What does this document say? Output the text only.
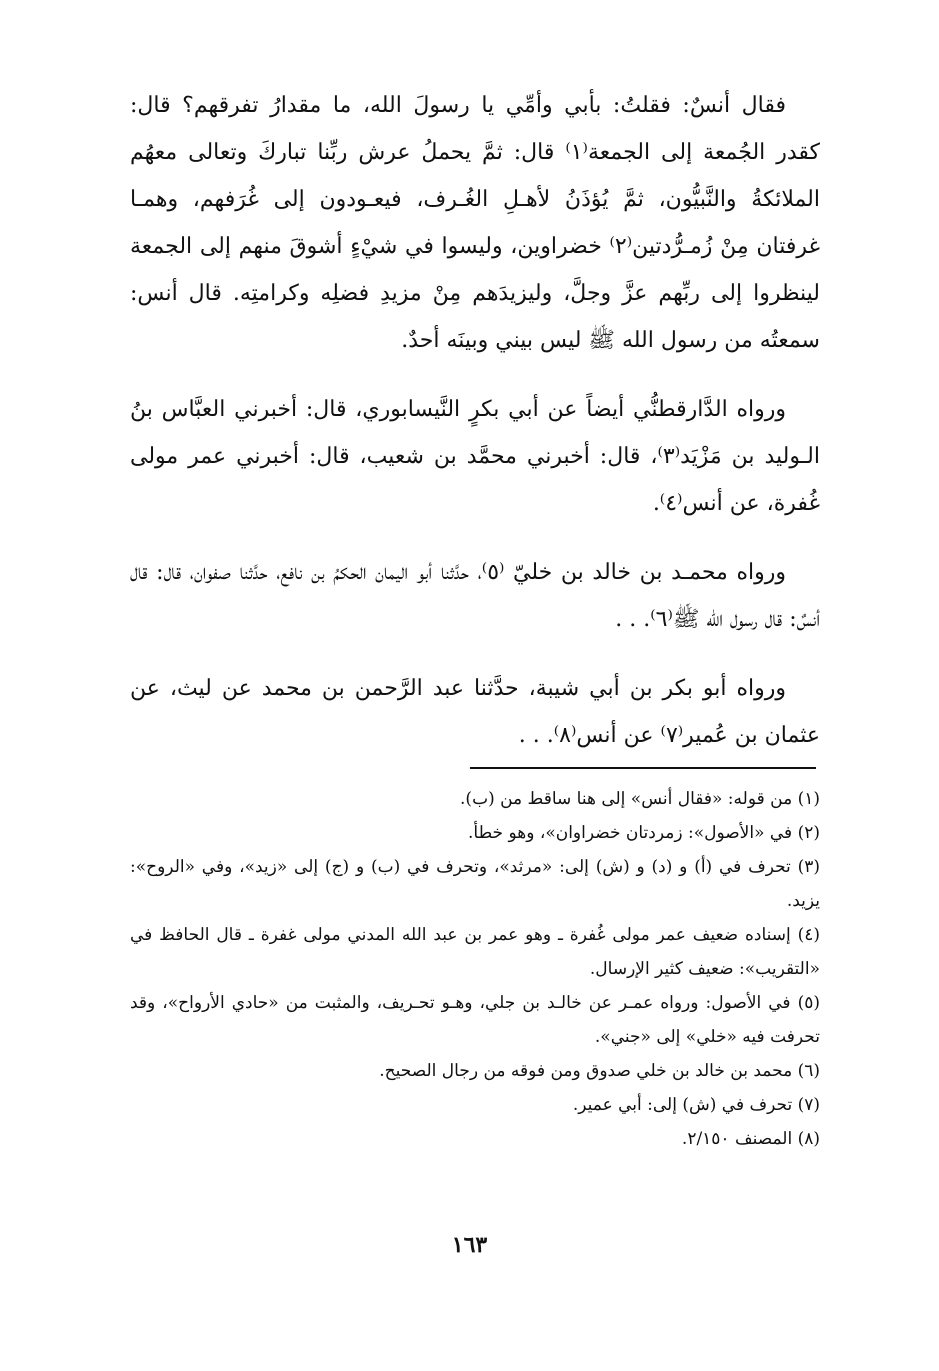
فقال أنسٌ: فقلتُ: بأبي وأمِّي يا رسولَ الله، ما مقدارُ تفرقهم؟ قال: كقدر الجُمعة إلى الجمعة⁽١⁾ قال: ثمَّ يحملُ عرش ربِّنا تباركَ وتعالى معهُم الملائكةُ والنَّبيُّون، ثمَّ يُؤذَنُ لأهـلِ الغُـرف، فيعـودون إلى غُرَفهم، وهمـا غرفتان مِنْ زُمـرُّدتين⁽٢⁾ خضراوين، وليسوا في شيْءٍ أشوقَ منهم إلى الجمعة لينظروا إلى ربِّهم عزَّ وجلَّ، وليزيدَهم مِنْ مزيدِ فضلِه وكرامتِه. قال أنس: سمعتُه من رسول الله ﷺ ليس بيني وبينَه أحدٌ.

ورواه الدَّارقطنُّي أيضاً عن أبي بكرٍ النَّيسابوري، قال: أخبرني العبَّاس بنُ الـوليد بن مَزْيَد⁽٣⁾، قال: أخبرني محمَّد بن شعيب، قال: أخبرني عمر مولى غُفرة، عن أنس⁽٤⁾.

ورواه محمـد بن خالد بن خليّ ⁽٥⁾، حدَّثنا أبو اليمان الحكمُ بن نافع، حدَّثنا صفوان، قال: قال أنسٌ: قال رسول الله ﷺ⁽٦⁾. . .

ورواه أبو بكر بن أبي شيبة، حدَّثنا عبد الرَّحمن بن محمد عن ليث، عن عثمان بن عُمير⁽٧⁾ عن أنس⁽٨⁾. . .

(١) من قوله: «فقال أنس» إلى هنا ساقط من (ب).

(٢) في «الأصول»: زمردتان خضراوان»، وهو خطأ.

(٣) تحرف في (أ) و (د) و (ش) إلى: «مرثد»، وتحرف في (ب) و (ج) إلى «زيد»، وفي «الروح»: يزيد.

(٤) إسناده ضعيف عمر مولى غُفرة ـ وهو عمر بن عبد الله المدني مولى غفرة ـ قال الحافظ في «التقريب»: ضعيف كثير الإرسال.

(٥) في الأصول: ورواه عمـر عن خالـد بن جلي، وهـو تحـريف، والمثبت من «حادي الأرواح»، وقد تحرفت فيه «خلي» إلى «جني».

(٦) محمد بن خالد بن خلي صدوق ومن فوقه من رجال الصحيح.

(٧) تحرف في (ش) إلى: أبي عمير.

(٨) المصنف ٢/١٥٠.

١٦٣
